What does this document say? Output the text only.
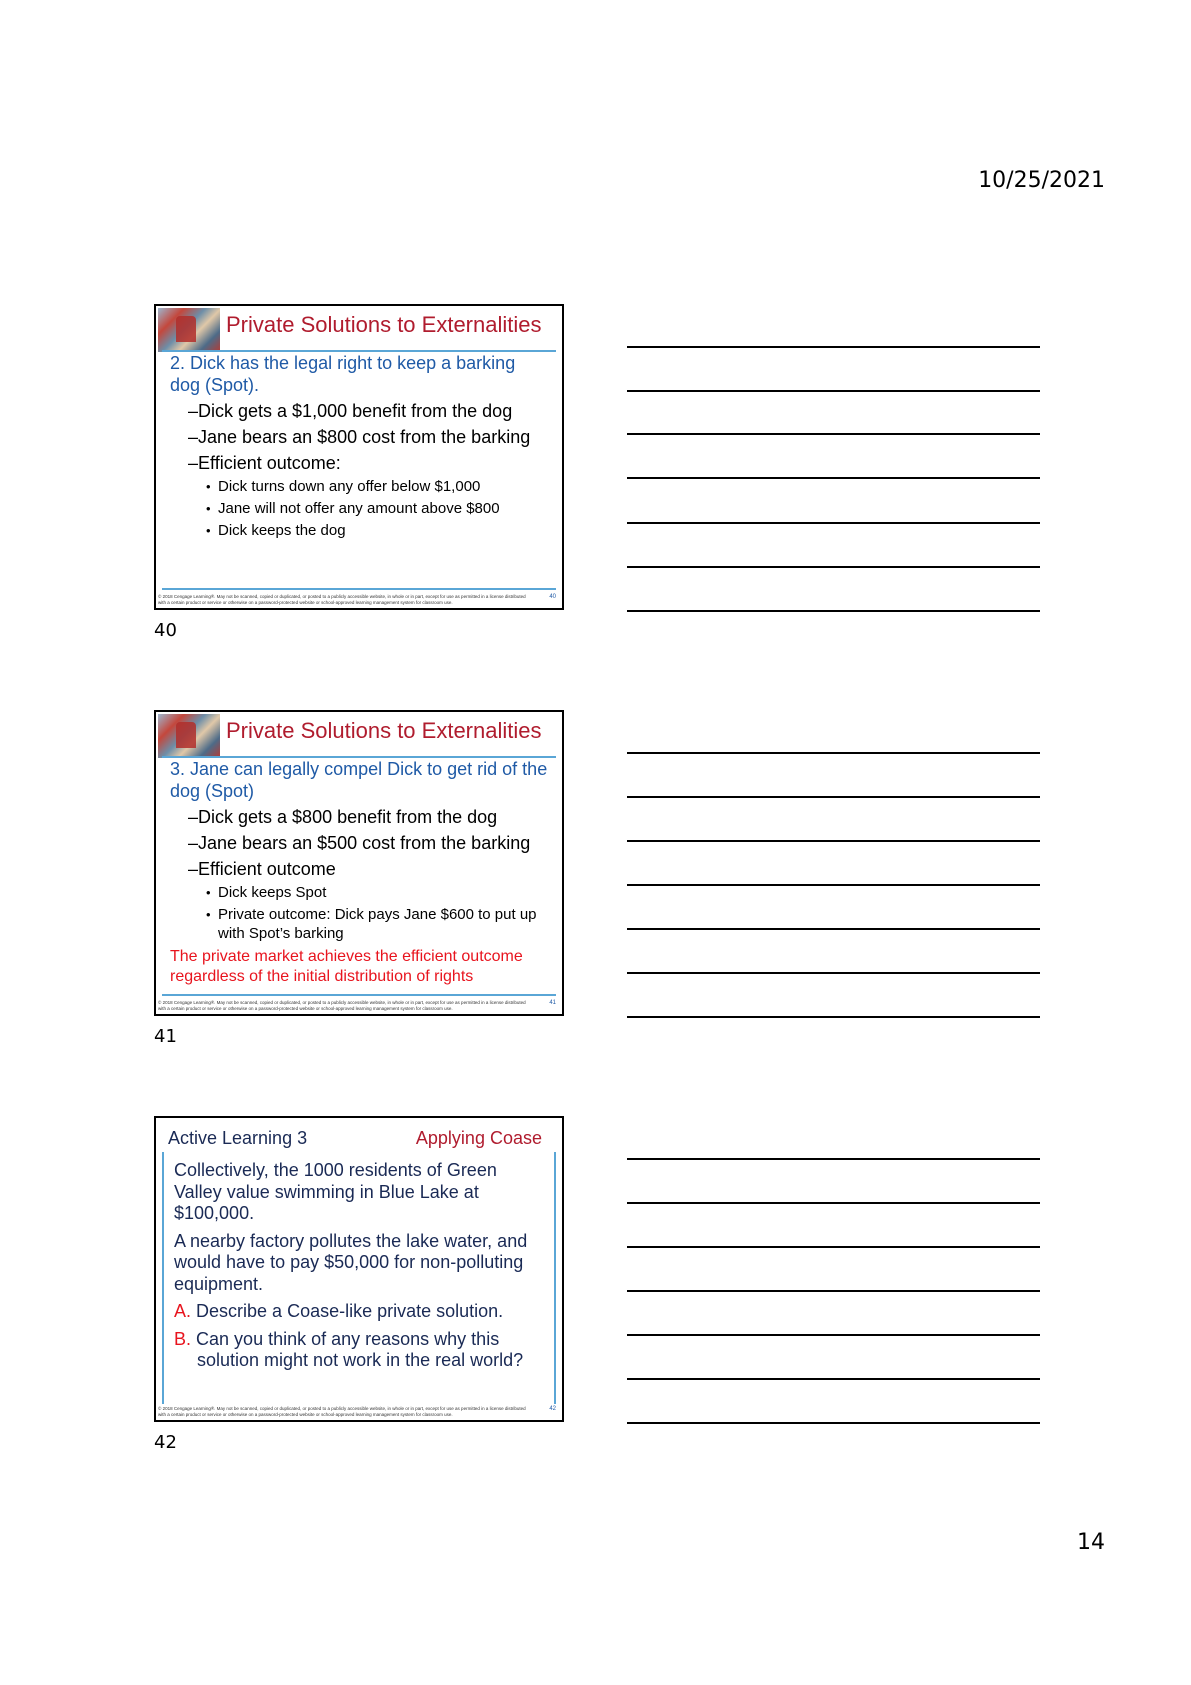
10/25/2021
Private Solutions to Externalities
2. Dick has the legal right to keep a barking dog (Spot).
– Dick gets a $1,000 benefit from the dog
– Jane bears an $800 cost from the barking
– Efficient outcome:
• Dick turns down any offer below $1,000
• Jane will not offer any amount above $800
• Dick keeps the dog
© 2018 Cengage Learning®. May not be scanned, copied or duplicated, or posted to a publicly accessible website, in whole or in part, except for use as permitted in a license distributed with a certain product or service or otherwise on a password-protected website or school-approved learning management system for classroom use.
40
40
Private Solutions to Externalities
3. Jane can legally compel Dick to get rid of the dog (Spot)
– Dick gets a $800 benefit from the dog
– Jane bears an $500 cost from the barking
– Efficient outcome
• Dick keeps Spot
• Private outcome: Dick pays Jane $600 to put up with Spot’s barking
The private market achieves the efficient outcome regardless of the initial distribution of rights
© 2018 Cengage Learning®. May not be scanned, copied or duplicated, or posted to a publicly accessible website, in whole or in part, except for use as permitted in a license distributed with a certain product or service or otherwise on a password-protected website or school-approved learning management system for classroom use.
41
41
Active Learning 3	Applying Coase

Collectively, the 1000 residents of Green Valley value swimming in Blue Lake at $100,000.

A nearby factory pollutes the lake water, and would have to pay $50,000 for non-polluting equipment.

A. Describe a Coase-like private solution.

B. Can you think of any reasons why this solution might not work in the real world?

© 2018 Cengage Learning®. May not be scanned, copied or duplicated, or posted to a publicly accessible website, in whole or in part, except for use as permitted in a license distributed with a certain product or service or otherwise on a password-protected website or school-approved learning management system for classroom use.
42
42
14
